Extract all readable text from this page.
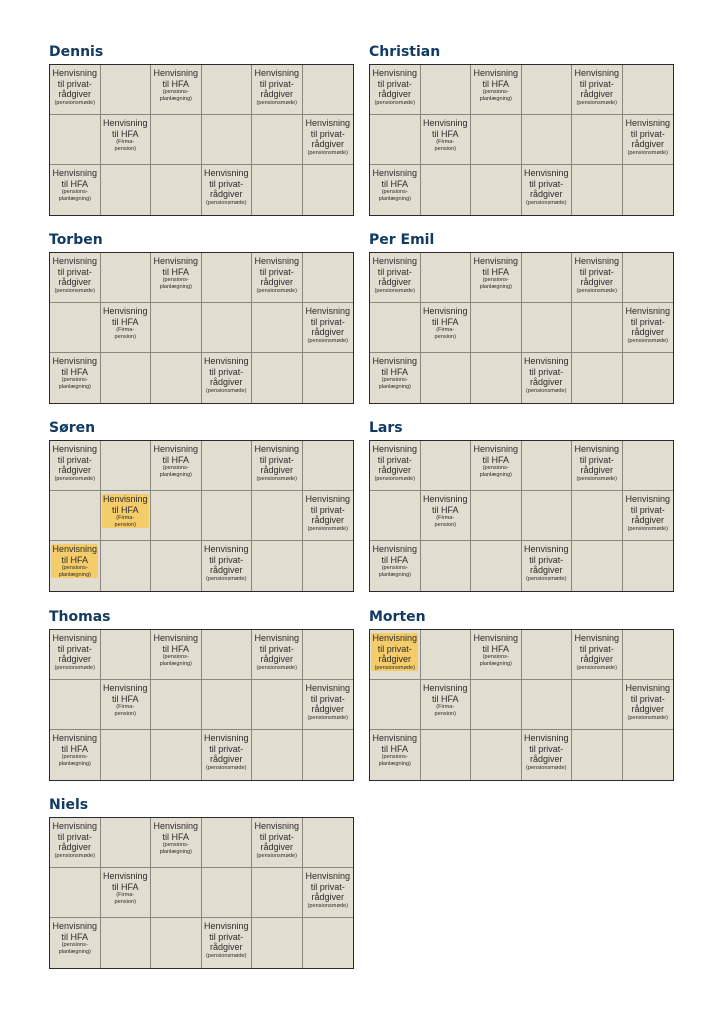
Dennis
Henvisning
til privat-
rådgiver
(pensionsmøde)
Henvisning
til HFA
(pensions-
planlægning)
Henvisning
til privat-
rådgiver
(pensionsmøde)
Henvisning
til HFA
(Firma-
pension)
Henvisning
til privat-
rådgiver
(pensionsmøde)
Henvisning
til HFA
(pensions-
planlægning)
Henvisning
til privat-
rådgiver
(pensionsmøde)
Christian
Henvisning
til privat-
rådgiver
(pensionsmøde)
Henvisning
til HFA
(pensions-
planlægning)
Henvisning
til privat-
rådgiver
(pensionsmøde)
Henvisning
til HFA
(Firma-
pension)
Henvisning
til privat-
rådgiver
(pensionsmøde)
Henvisning
til HFA
(pensions-
planlægning)
Henvisning
til privat-
rådgiver
(pensionsmøde)
Torben
Henvisning
til privat-
rådgiver
(pensionsmøde)
Henvisning
til HFA
(pensions-
planlægning)
Henvisning
til privat-
rådgiver
(pensionsmøde)
Henvisning
til HFA
(Firma-
pension)
Henvisning
til privat-
rådgiver
(pensionsmøde)
Henvisning
til HFA
(pensions-
planlægning)
Henvisning
til privat-
rådgiver
(pensionsmøde)
Per Emil
Henvisning
til privat-
rådgiver
(pensionsmøde)
Henvisning
til HFA
(pensions-
planlægning)
Henvisning
til privat-
rådgiver
(pensionsmøde)
Henvisning
til HFA
(Firma-
pension)
Henvisning
til privat-
rådgiver
(pensionsmøde)
Henvisning
til HFA
(pensions-
planlægning)
Henvisning
til privat-
rådgiver
(pensionsmøde)
Søren
Henvisning
til privat-
rådgiver
(pensionsmøde)
Henvisning
til HFA
(pensions-
planlægning)
Henvisning
til privat-
rådgiver
(pensionsmøde)
Henvisning
til HFA
(Firma-
pension)
Henvisning
til privat-
rådgiver
(pensionsmøde)
Henvisning
til HFA
(pensions-
planlægning)
Henvisning
til privat-
rådgiver
(pensionsmøde)
Lars
Henvisning
til privat-
rådgiver
(pensionsmøde)
Henvisning
til HFA
(pensions-
planlægning)
Henvisning
til privat-
rådgiver
(pensionsmøde)
Henvisning
til HFA
(Firma-
pension)
Henvisning
til privat-
rådgiver
(pensionsmøde)
Henvisning
til HFA
(pensions-
planlægning)
Henvisning
til privat-
rådgiver
(pensionsmøde)
Thomas
Henvisning
til privat-
rådgiver
(pensionsmøde)
Henvisning
til HFA
(pensions-
planlægning)
Henvisning
til privat-
rådgiver
(pensionsmøde)
Henvisning
til HFA
(Firma-
pension)
Henvisning
til privat-
rådgiver
(pensionsmøde)
Henvisning
til HFA
(pensions-
planlægning)
Henvisning
til privat-
rådgiver
(pensionsmøde)
Morten
Henvisning
til privat-
rådgiver
(pensionsmøde)
Henvisning
til HFA
(pensions-
planlægning)
Henvisning
til privat-
rådgiver
(pensionsmøde)
Henvisning
til HFA
(Firma-
pension)
Henvisning
til privat-
rådgiver
(pensionsmøde)
Henvisning
til HFA
(pensions-
planlægning)
Henvisning
til privat-
rådgiver
(pensionsmøde)
Niels
Henvisning
til privat-
rådgiver
(pensionsmøde)
Henvisning
til HFA
(pensions-
planlægning)
Henvisning
til privat-
rådgiver
(pensionsmøde)
Henvisning
til HFA
(Firma-
pension)
Henvisning
til privat-
rådgiver
(pensionsmøde)
Henvisning
til HFA
(pensions-
planlægning)
Henvisning
til privat-
rådgiver
(pensionsmøde)
